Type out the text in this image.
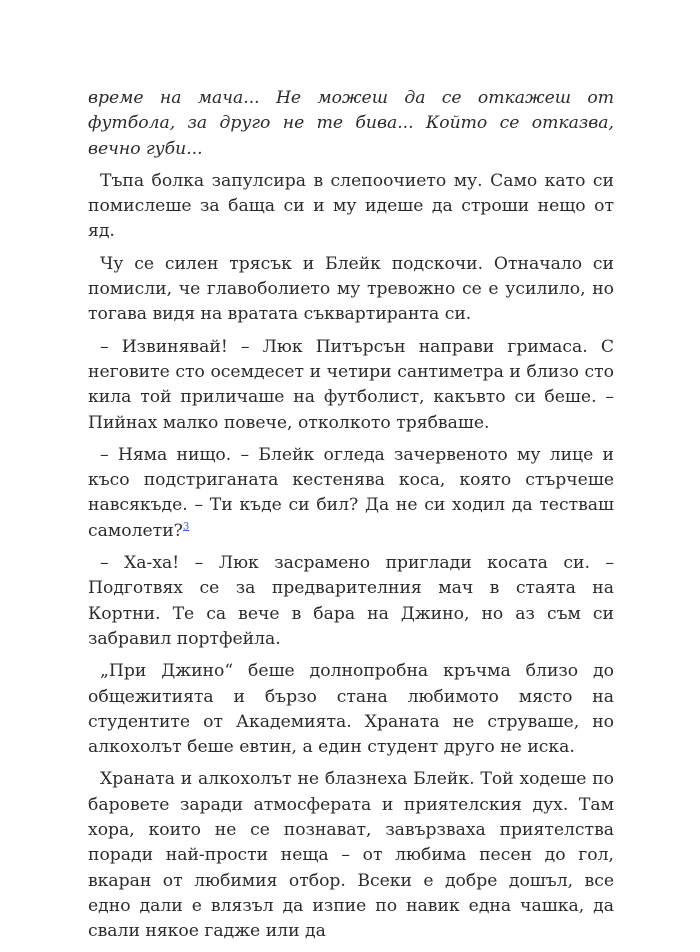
време на мача... Не можеш да се откажеш от футбола, за друго не те бива... Който се отказва, вечно губи...

Тъпа болка запулсира в слепоочието му. Само като си помислеше за баща си и му идеше да строши нещо от яд.

Чу се силен трясък и Блейк подскочи. Отначало си помисли, че главоболието му тревожно се е усилило, но тогава видя на вратата съквартиранта си.

– Извинявай! – Люк Питърсън направи гримаса. С неговите сто осемдесет и четири сантиметра и близо сто кила той приличаше на футболист, какъвто си беше. – Пийнах малко повече, отколкото трябваше.

– Няма нищо. – Блейк огледа зачервеното му лице и късо подстриганата кестенява коса, която стърчеше навсякъде. – Ти къде си бил? Да не си ходил да тестваш самолети?$^3$

– Ха-ха! – Люк засрамено приглади косата си. – Подготвях се за предварителния мач в стаята на Кортни. Те са вече в бара на Джино, но аз съм си забравил портфейла.

„При Джино“ беше долнопробна кръчма близо до общежитията и бързо стана любимото място на студентите от Академията. Храната не струваше, но алкохолът беше евтин, а един студент друго не иска.

Храната и алкохолът не блазнеха Блейк. Той ходеше по баровете заради атмосферата и приятелския дух. Там хора, които не се познават, завързваха приятелства поради най-прости неща – от любима песен до гол, вкаран от любимия отбор. Всеки е добре дошъл, все едно дали е влязъл да изпие по навик една чашка, да свали някое гадже или да
